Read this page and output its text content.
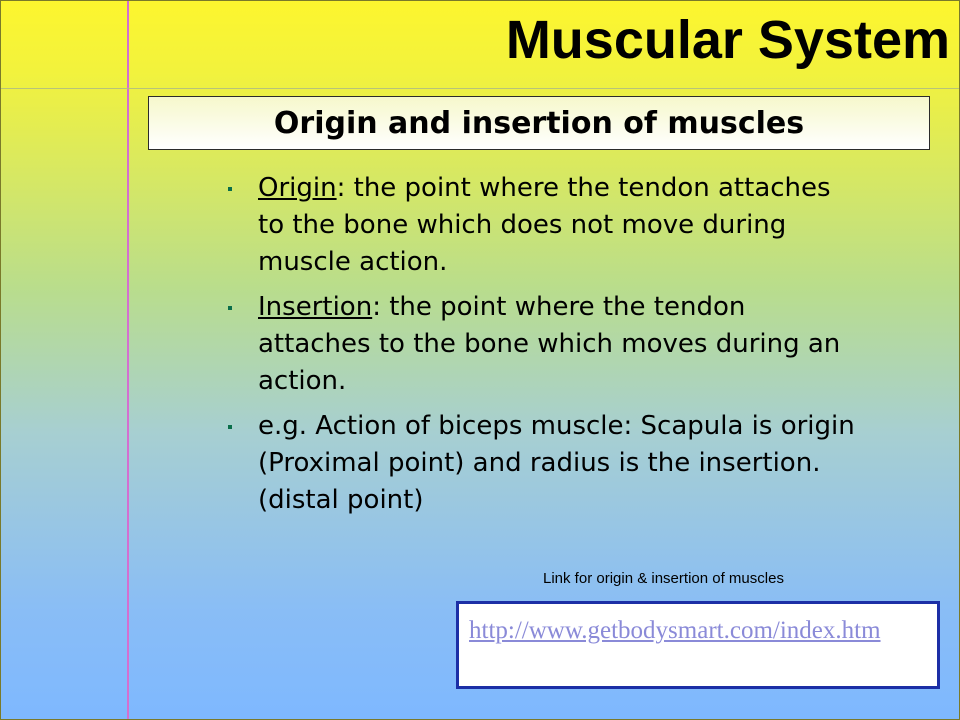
Muscular System
Origin and insertion of muscles
Origin: the point where the tendon attaches to the bone which does not move during muscle action.
Insertion: the point where the tendon attaches to the bone which moves during an action.
e.g. Action of biceps muscle: Scapula is origin (Proximal point) and radius is the insertion. (distal point)
Link for origin & insertion of muscles
http://www.getbodysmart.com/index.htm
